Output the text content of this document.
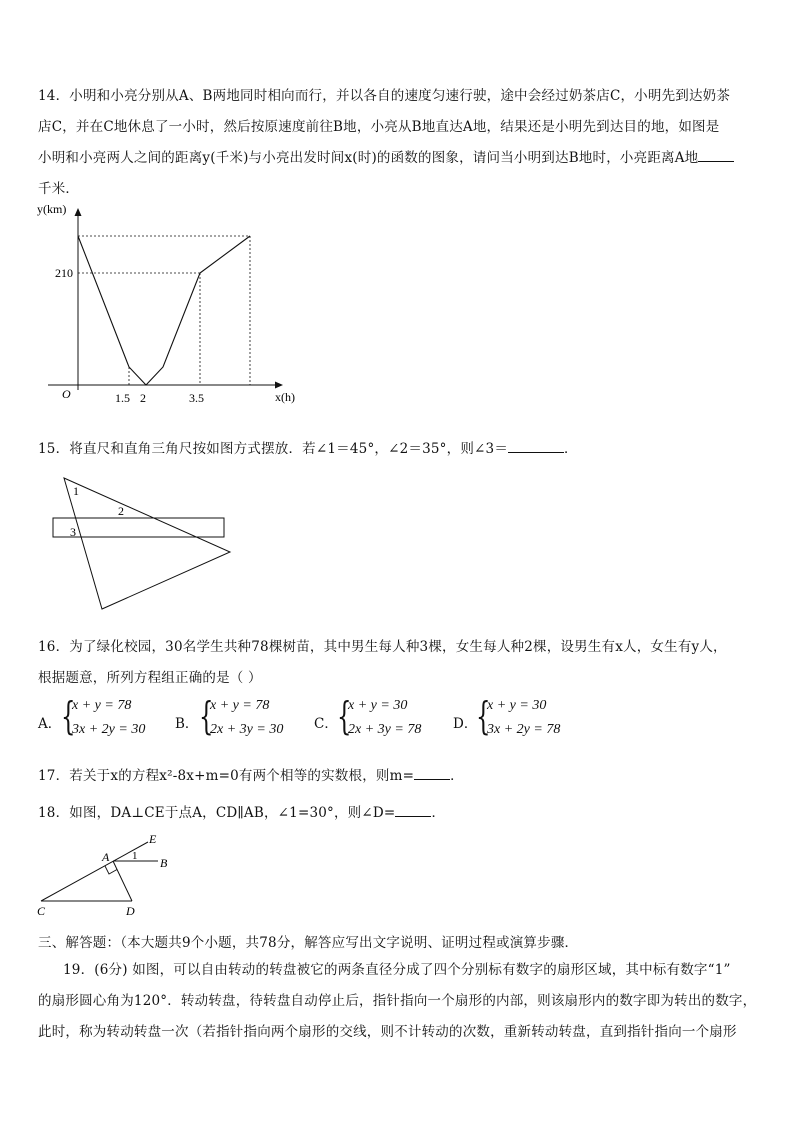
14．小明和小亮分别从A、B两地同时相向而行，并以各自的速度匀速行驶，途中会经过奶茶店C，小明先到达奶茶
店C，并在C地休息了一小时，然后按原速度前往B地，小亮从B地直达A地，结果还是小明先到达目的地，如图是
小明和小亮两人之间的距离y(千米)与小亮出发时间x(时)的函数的图象，请问当小明到达B地时，小亮距离A地
千米．
y(km)
x(h)
O
210
1.5 2	3.5
15．将直尺和直角三角尺按如图方式摆放．若∠1＝45°，∠2＝35°，则∠3＝	．
1
2
3
16．为了绿化校园，30名学生共种78棵树苗，其中男生每人种3棵，女生每人种2棵，设男生有x人，女生有y人，
根据题意，所列方程组正确的是（ ）
A． {
x + y = 78
3x + 2y = 30 B． {
x + y = 78
2x + 3y = 30 C． {
x + y = 30
2x + 3y = 78 D．
{
x + y = 30
3x + 2y = 78
17．若关于x的方程x²-8x+m=0有两个相等的实数根，则m=	．
18．如图，DA⊥CE于点A，CD∥AB，∠1=30°，则∠D=	．
E
A	B
C	D
1
三、解答题：（本大题共9个小题，共78分，解答应写出文字说明、证明过程或演算步骤．
19．(6分) 如图，可以自由转动的转盘被它的两条直径分成了四个分别标有数字的扇形区域，其中标有数字“1”
的扇形圆心角为120°．转动转盘，待转盘自动停止后，指针指向一个扇形的内部，则该扇形内的数字即为转出的数字，
此时，称为转动转盘一次（若指针指向两个扇形的交线，则不计转动的次数，重新转动转盘，直到指针指向一个扇形
